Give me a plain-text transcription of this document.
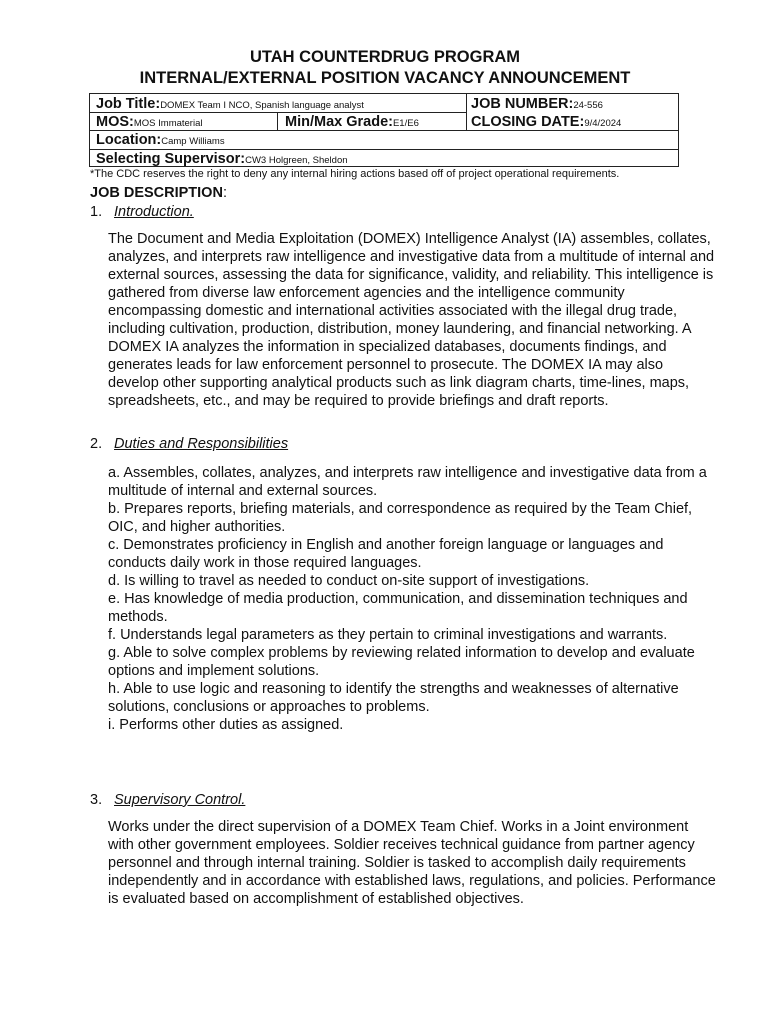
UTAH COUNTERDRUG PROGRAM
INTERNAL/EXTERNAL POSITION VACANCY ANNOUNCEMENT
Job Title:DOMEX Team I NCO, Spanish language analyst	JOB NUMBER:24-556
MOS:MOS Immaterial	Min/Max Grade:E1/E6	CLOSING DATE:9/4/2024
Location:Camp Williams
Selecting Supervisor:CW3 Holgreen, Sheldon
*The CDC reserves the right to deny any internal hiring actions based off of project operational requirements.
JOB DESCRIPTION:
1. Introduction.
The Document and Media Exploitation (DOMEX) Intelligence Analyst (IA) assembles, collates,
analyzes, and interprets raw intelligence and investigative data from a multitude of internal and
external sources, assessing the data for significance, validity, and reliability. This intelligence is
gathered from diverse law enforcement agencies and the intelligence community
encompassing domestic and international activities associated with the illegal drug trade,
including cultivation, production, distribution, money laundering, and financial networking. A
DOMEX IA analyzes the information in specialized databases, documents findings, and
generates leads for law enforcement personnel to prosecute. The DOMEX IA may also
develop other supporting analytical products such as link diagram charts, time-lines, maps,
spreadsheets, etc., and may be required to provide briefings and draft reports.
2. Duties and Responsibilities
a. Assembles, collates, analyzes, and interprets raw intelligence and investigative data from a
multitude of internal and external sources.
b. Prepares reports, briefing materials, and correspondence as required by the Team Chief,
OIC, and higher authorities.
c. Demonstrates proficiency in English and another foreign language or languages and
conducts daily work in those required languages.
d. Is willing to travel as needed to conduct on-site support of investigations.
e. Has knowledge of media production, communication, and dissemination techniques and
methods.
f. Understands legal parameters as they pertain to criminal investigations and warrants.
g. Able to solve complex problems by reviewing related information to develop and evaluate
options and implement solutions.
h. Able to use logic and reasoning to identify the strengths and weaknesses of alternative
solutions, conclusions or approaches to problems.
i. Performs other duties as assigned.
3. Supervisory Control.
Works under the direct supervision of a DOMEX Team Chief. Works in a Joint environment
with other government employees. Soldier receives technical guidance from partner agency
personnel and through internal training. Soldier is tasked to accomplish daily requirements
independently and in accordance with established laws, regulations, and policies. Performance
is evaluated based on accomplishment of established objectives.
